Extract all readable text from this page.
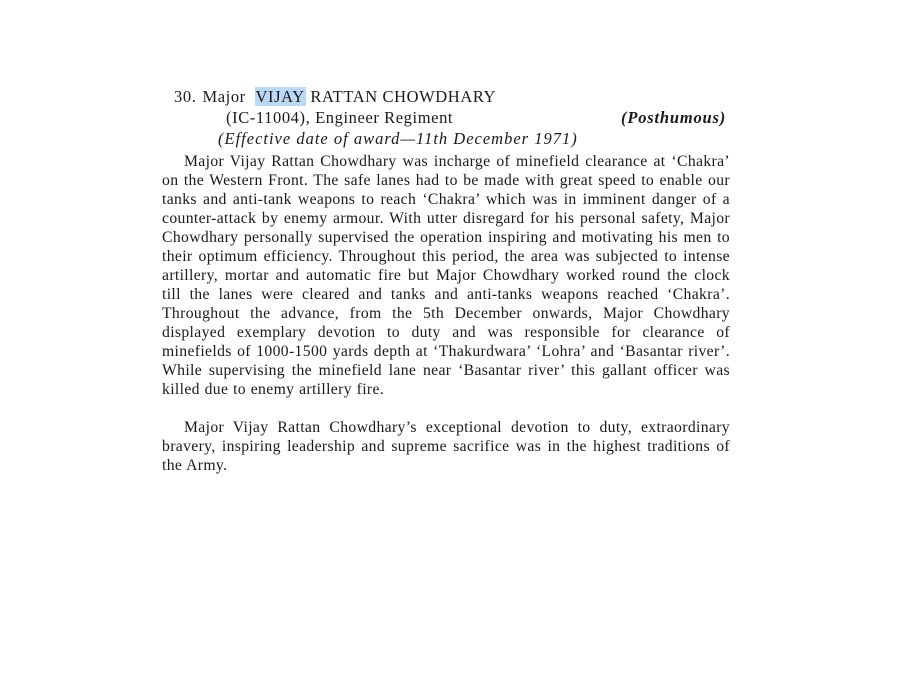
30. Major VIJAY RATTAN CHOWDHARY
(IC-11004), Engineer Regiment	(Posthumous)
(Effective date of award—11th December 1971)

Major Vijay Rattan Chowdhary was incharge of minefield clearance at ‘Chakra’ on the Western Front. The safe lanes had to be made with great speed to enable our tanks and anti-tank weapons to reach ‘Chakra’ which was in imminent danger of a counter-attack by enemy armour. With utter disregard for his personal safety, Major Chowdhary personally supervised the operation inspiring and motivating his men to their optimum efficiency. Throughout this period, the area was subjected to intense artillery, mortar and automatic fire but Major Chowdhary worked round the clock till the lanes were cleared and tanks and anti-tanks weapons reached ‘Chakra’. Throughout the advance, from the 5th December onwards, Major Chowdhary displayed exemplary devotion to duty and was responsible for clearance of minefields of 1000-1500 yards depth at ‘Thakurdwara’ ‘Lohra’ and ‘Basantar river’. While supervising the minefield lane near ‘Basantar river’ this gallant officer was killed due to enemy artillery fire.

Major Vijay Rattan Chowdhary’s exceptional devotion to duty, extraordinary bravery, inspiring leadership and supreme sacrifice was in the highest traditions of the Army.
